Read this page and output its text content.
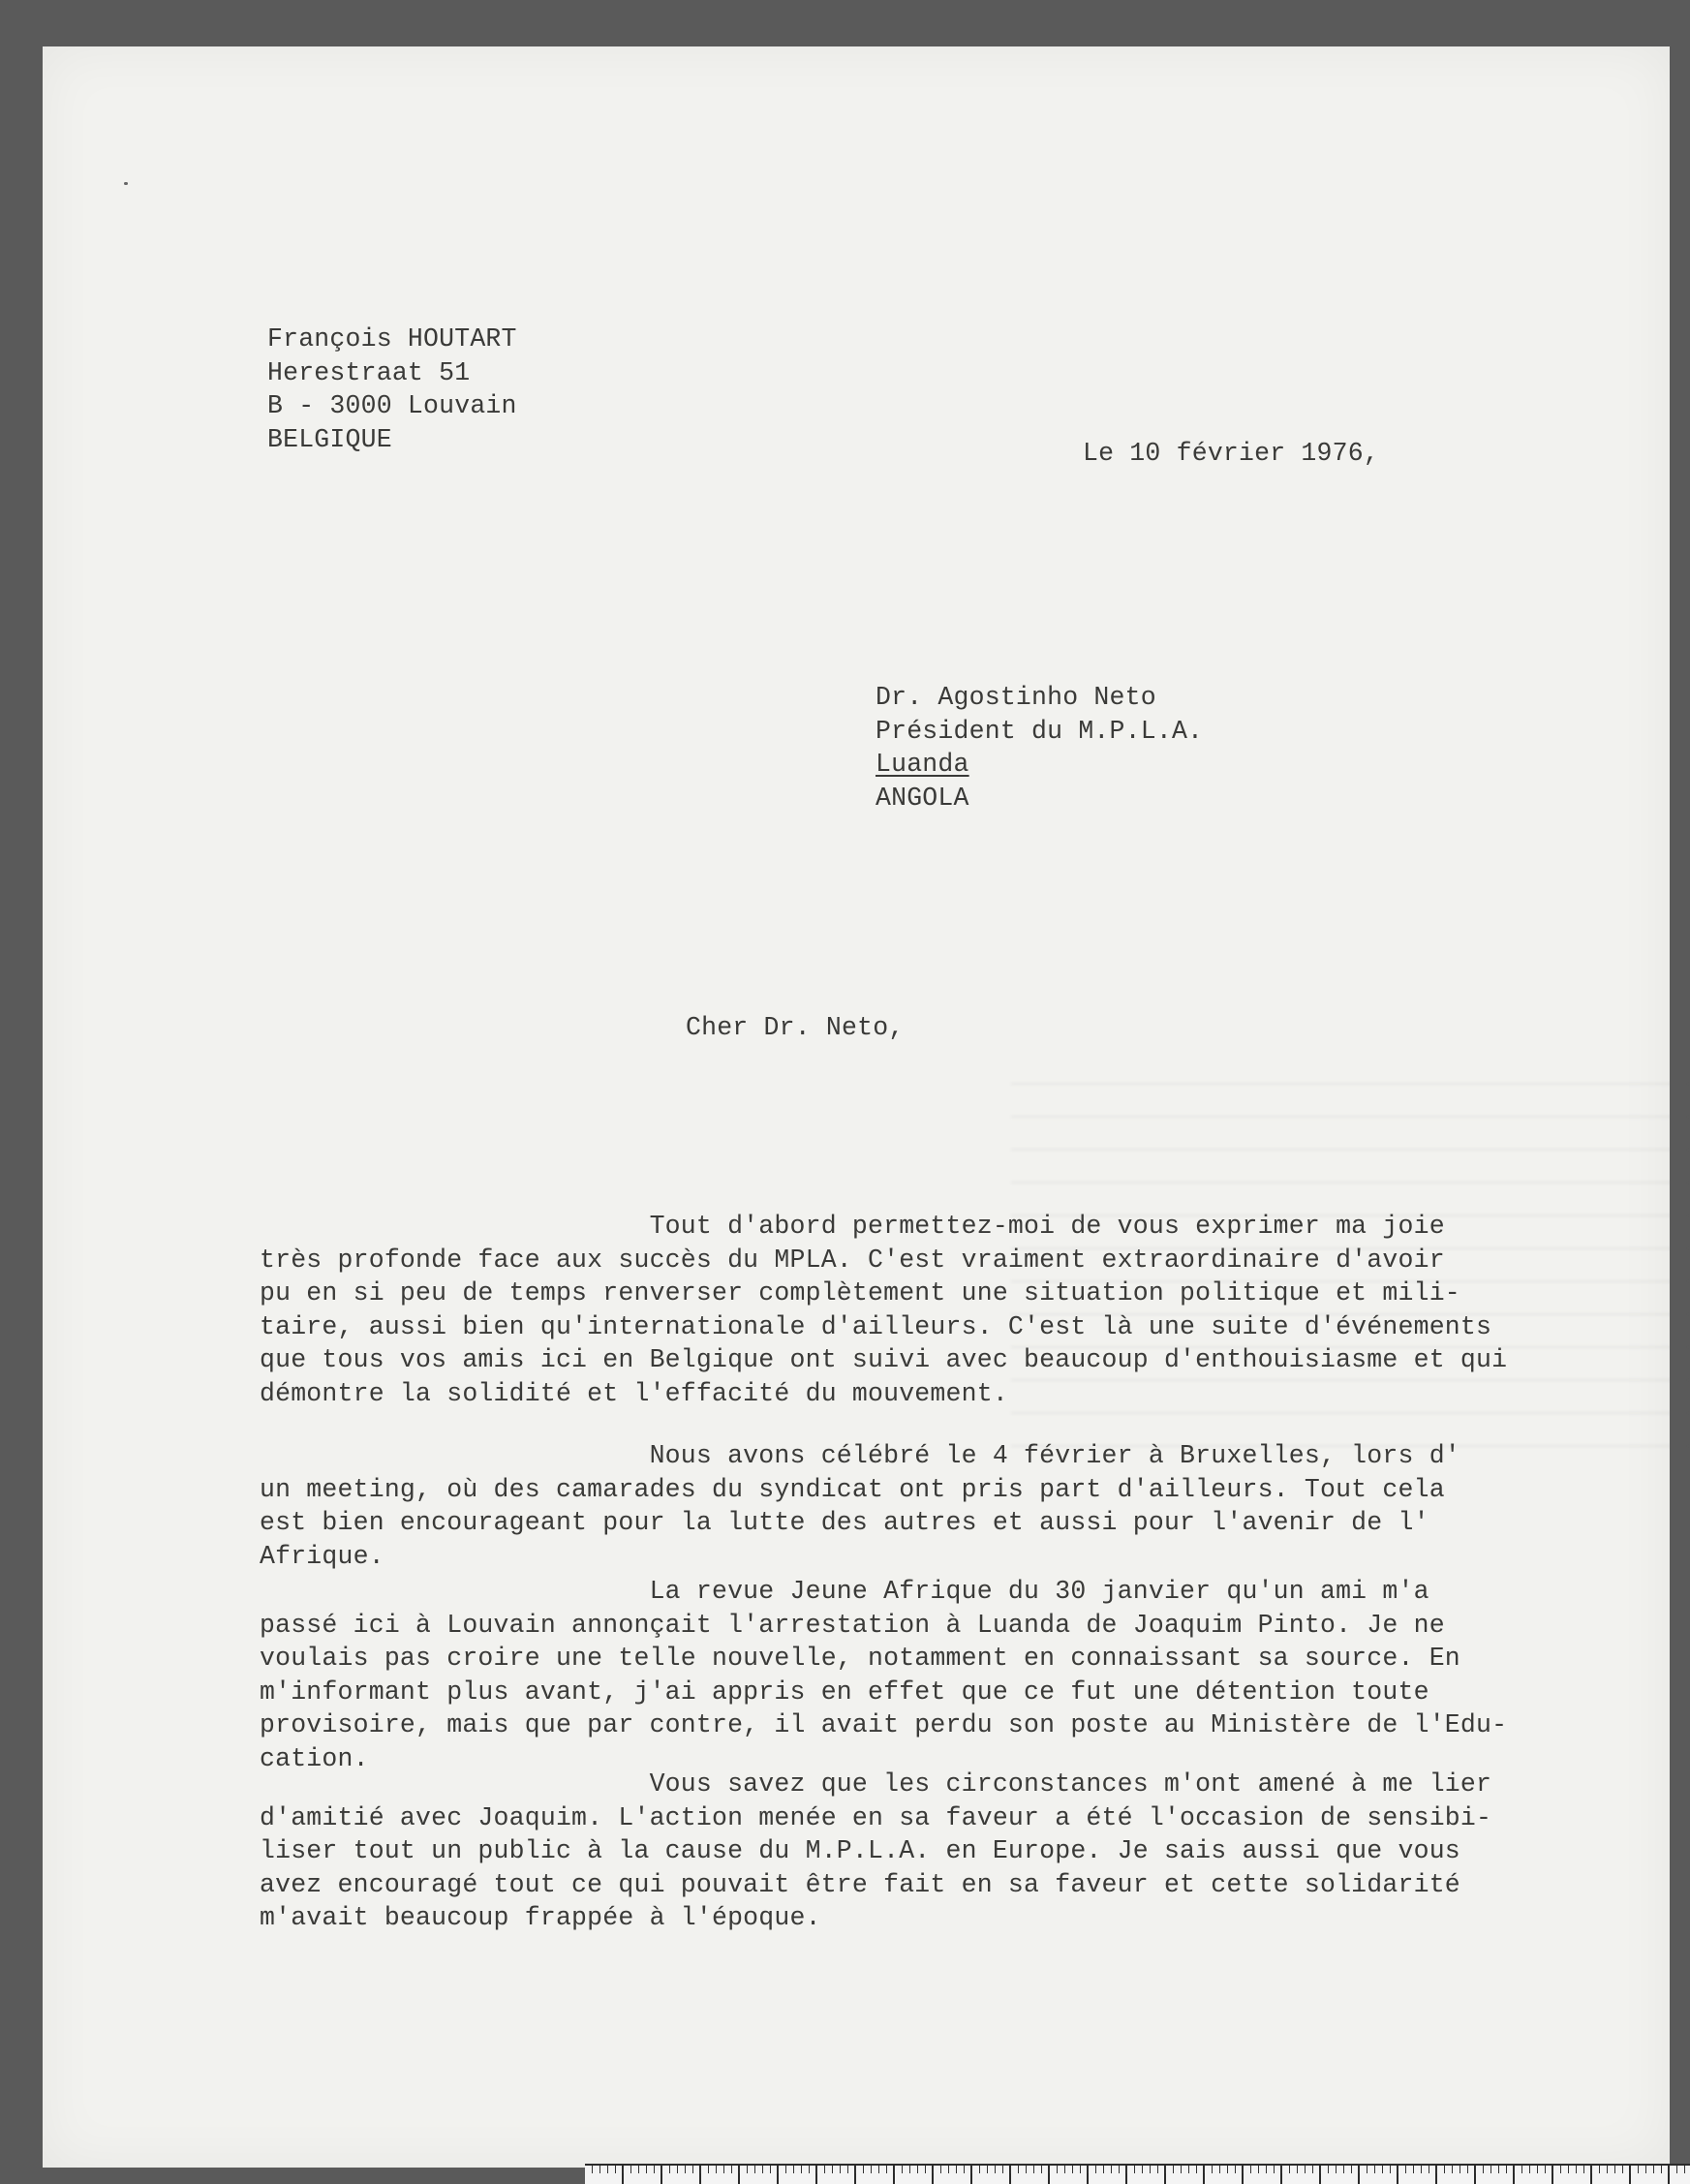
François HOUTART
Herestraat 51
B - 3000 Louvain
BELGIQUE	Le 10 février 1976,
Dr. Agostinho Neto
Président du M.P.L.A.
Luanda
ANGOLA
Cher Dr. Neto,
Tout d'abord permettez-moi de vous exprimer ma joie
très profonde face aux succès du MPLA. C'est vraiment extraordinaire d'avoir
pu en si peu de temps renverser complètement une situation politique et mili-
taire, aussi bien qu'internationale d'ailleurs. C'est là une suite d'événements
que tous vos amis ici en Belgique ont suivi avec beaucoup d'enthouisiasme et qui
démontre la solidité et l'effacité du mouvement.
Nous avons célébré le 4 février à Bruxelles, lors d'
un meeting, où des camarades du syndicat ont pris part d'ailleurs. Tout cela
est bien encourageant pour la lutte des autres et aussi pour l'avenir de l'
Afrique.
La revue Jeune Afrique du 30 janvier qu'un ami m'a
passé ici à Louvain annonçait l'arrestation à Luanda de Joaquim Pinto. Je ne
voulais pas croire une telle nouvelle, notamment en connaissant sa source. En
m'informant plus avant, j'ai appris en effet que ce fut une détention toute
provisoire, mais que par contre, il avait perdu son poste au Ministère de l'Edu-
cation.
Vous savez que les circonstances m'ont amené à me lier
d'amitié avec Joaquim. L'action menée en sa faveur a été l'occasion de sensibi-
liser tout un public à la cause du M.P.L.A. en Europe. Je sais aussi que vous
avez encouragé tout ce qui pouvait être fait en sa faveur et cette solidarité
m'avait beaucoup frappée à l'époque.
